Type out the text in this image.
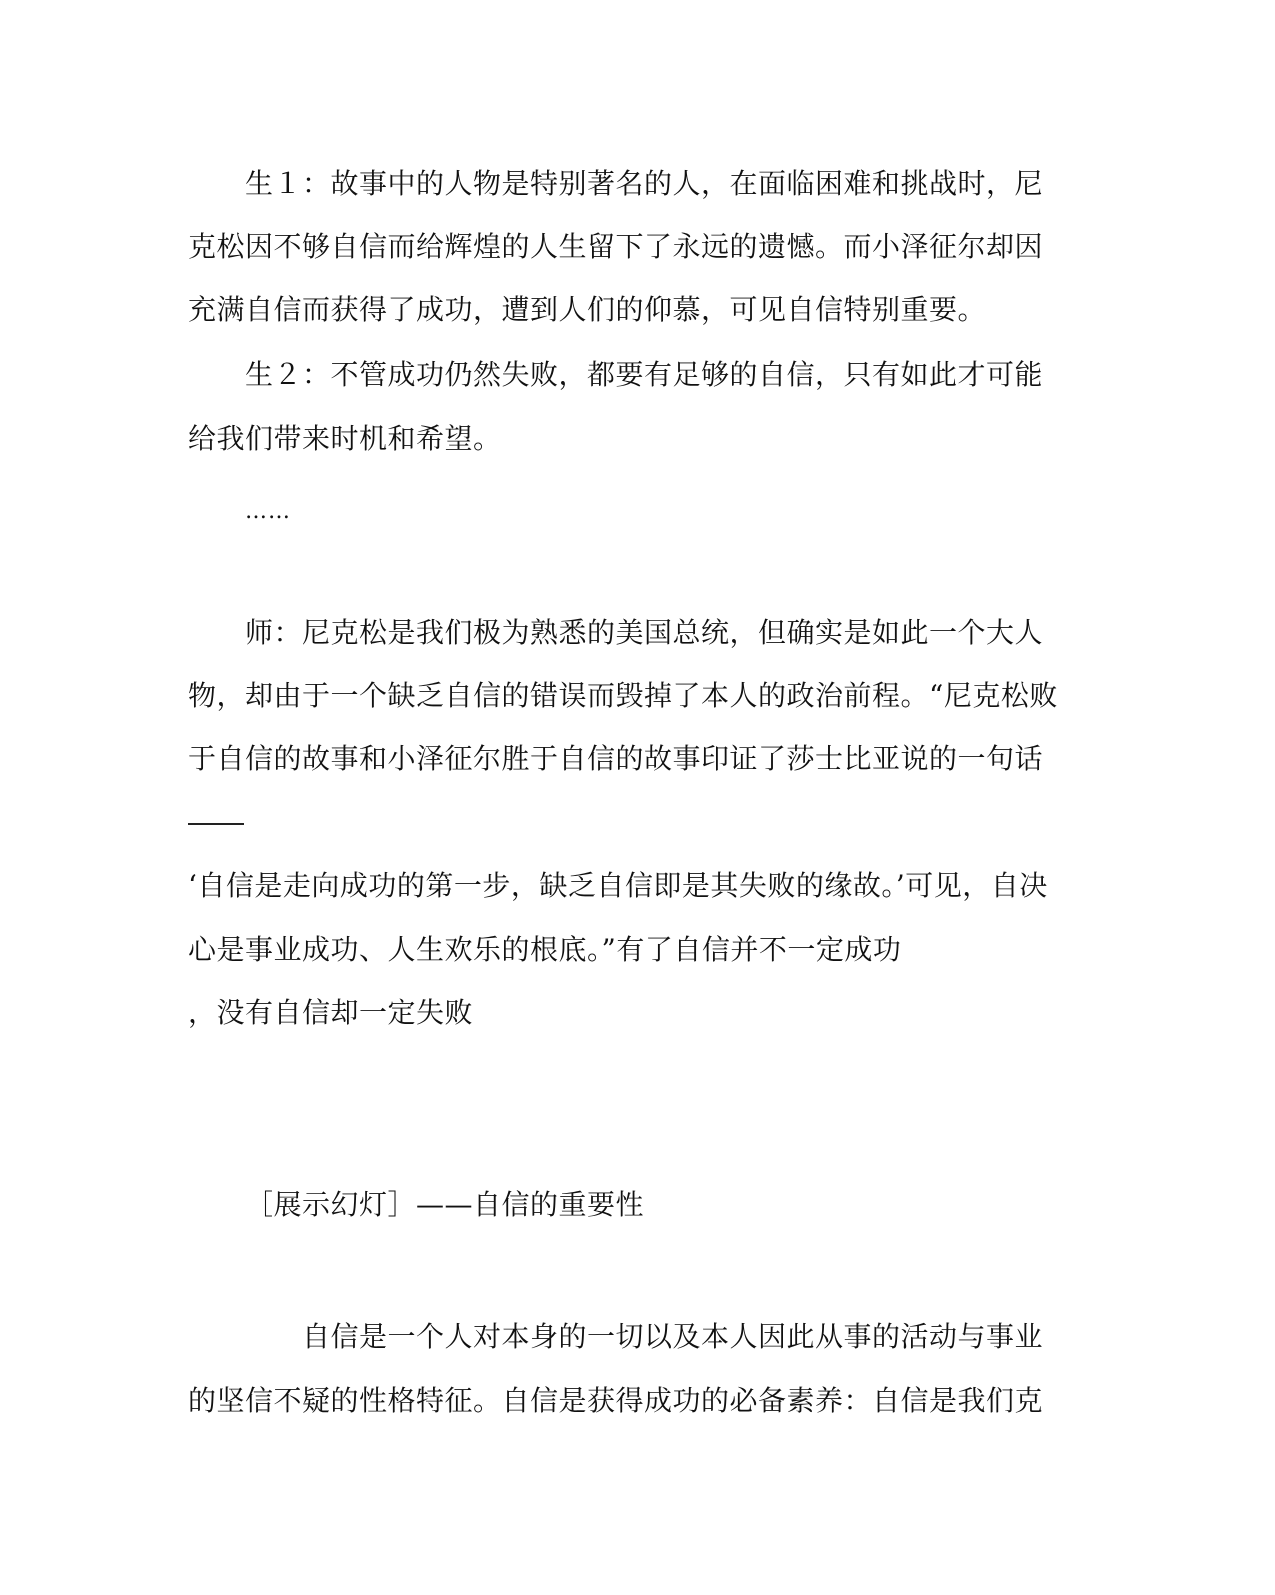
生１：故事中的人物是特别著名的人，在面临困难和挑战时，尼
克松因不够自信而给辉煌的人生留下了永远的遗憾。而小泽征尔却因
充满自信而获得了成功，遭到人们的仰慕，可见自信特别重要。
生２：不管成功仍然失败，都要有足够的自信，只有如此才可能
给我们带来时机和希望。
……
师：尼克松是我们极为熟悉的美国总统，但确实是如此一个大人
物，却由于一个缺乏自信的错误而毁掉了本人的政治前程。“尼克松败
于自信的故事和小泽征尔胜于自信的故事印证了莎士比亚说的一句话
‘自信是走向成功的第一步，缺乏自信即是其失败的缘故。’可见，自决
心是事业成功、人生欢乐的根底。”有了自信并不一定成功
，没有自信却一定失败
［展示幻灯］——自信的重要性
自信是一个人对本身的一切以及本人因此从事的活动与事业
的坚信不疑的性格特征。自信是获得成功的必备素养：自信是我们克
